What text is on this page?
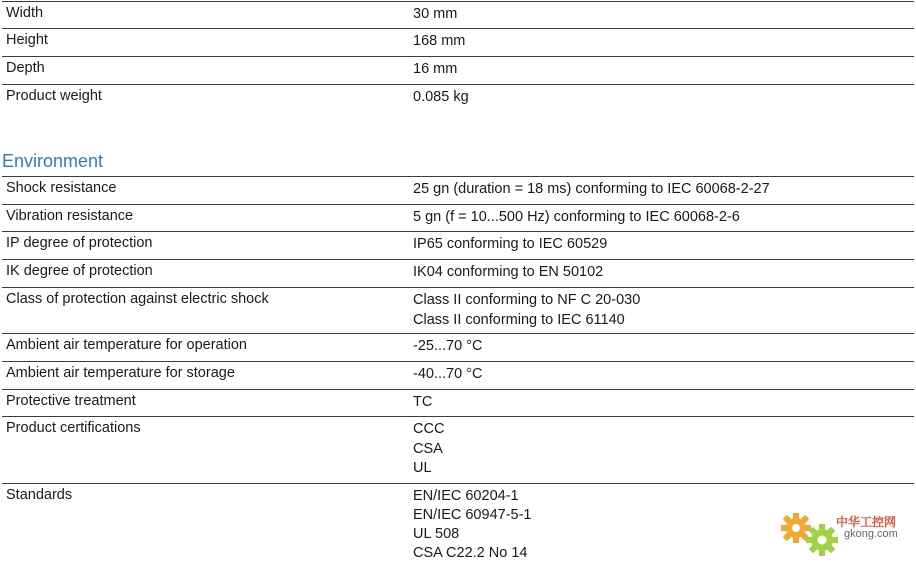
Width	30 mm
Height	168 mm
Depth	16 mm
Product weight	0.085 kg
Environment
Shock resistance	25 gn (duration = 18 ms) conforming to IEC 60068-2-27
Vibration resistance	5 gn (f = 10...500 Hz) conforming to IEC 60068-2-6
IP degree of protection	IP65 conforming to IEC 60529
IK degree of protection	IK04 conforming to EN 50102
Class of protection against electric shock	Class II conforming to NF C 20-030
Class II conforming to IEC 61140
Ambient air temperature for operation	-25...70 °C
Ambient air temperature for storage	-40...70 °C
Protective treatment	TC
Product certifications	CCC
CSA
UL
Standards	EN/IEC 60204-1
EN/IEC 60947-5-1
UL 508
CSA C22.2 No 14
中华工控网
gkong.com
